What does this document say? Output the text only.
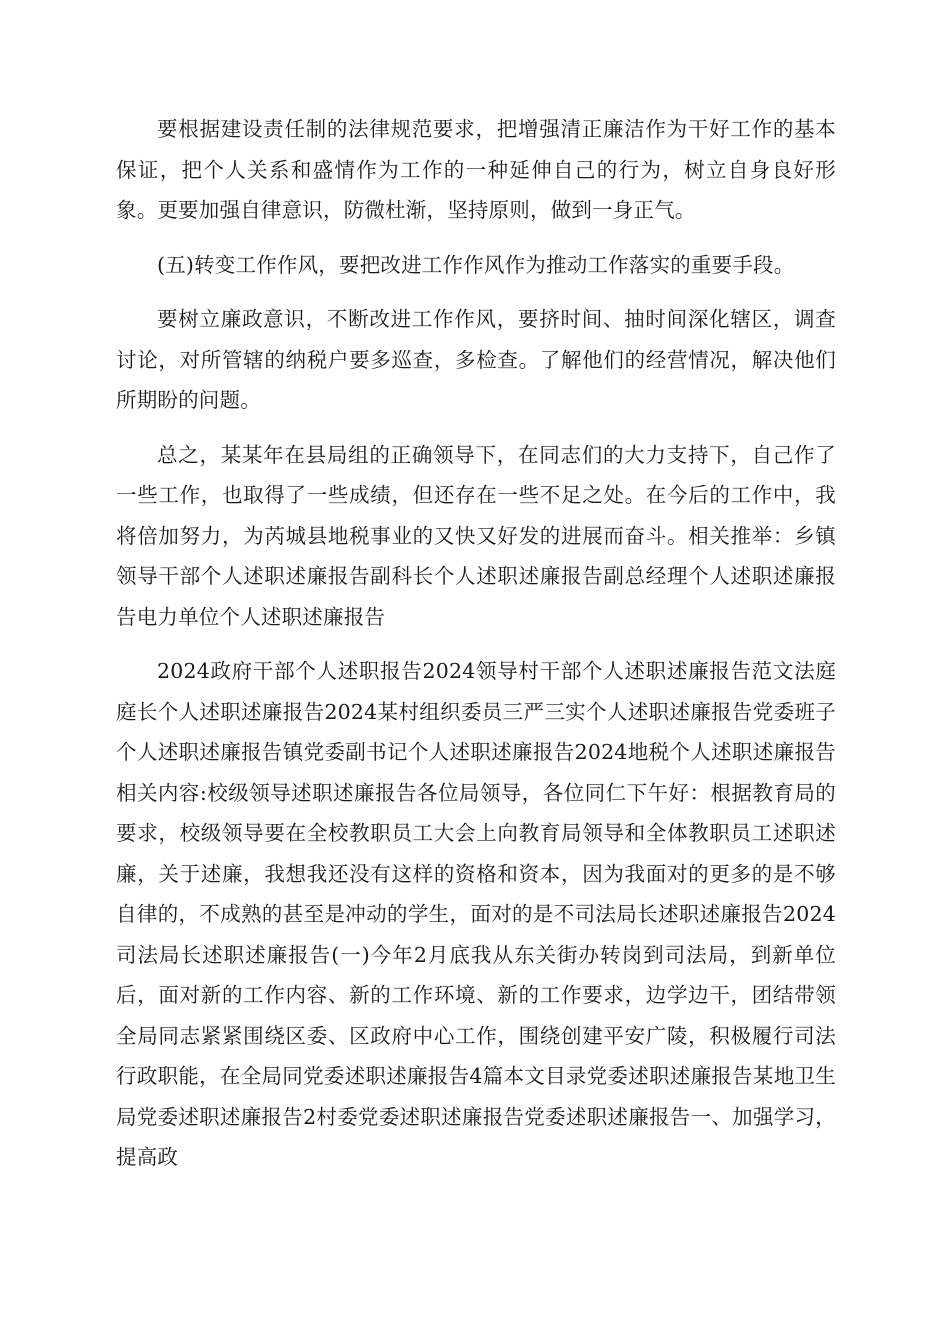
要根据建设责任制的法律规范要求，把增强清正廉洁作为干好工作的基本保证，把个人关系和盛情作为工作的一种延伸自己的行为，树立自身良好形象。更要加强自律意识，防微杜渐，坚持原则，做到一身正气。

(五)转变工作作风，要把改进工作作风作为推动工作落实的重要手段。

要树立廉政意识，不断改进工作作风，要挤时间、抽时间深化辖区，调查讨论，对所管辖的纳税户要多巡查，多检查。了解他们的经营情况，解决他们所期盼的问题。

总之，某某年在县局组的正确领导下，在同志们的大力支持下，自己作了一些工作，也取得了一些成绩，但还存在一些不足之处。在今后的工作中，我将倍加努力，为芮城县地税事业的又快又好发的进展而奋斗。相关推举：乡镇领导干部个人述职述廉报告副科长个人述职述廉报告副总经理个人述职述廉报告电力单位个人述职述廉报告

2024政府干部个人述职报告2024领导村干部个人述职述廉报告范文法庭庭长个人述职述廉报告2024某村组织委员三严三实个人述职述廉报告党委班子个人述职述廉报告镇党委副书记个人述职述廉报告2024地税个人述职述廉报告相关内容:校级领导述职述廉报告各位局领导，各位同仁下午好：根据教育局的要求，校级领导要在全校教职员工大会上向教育局领导和全体教职员工述职述廉，关于述廉，我想我还没有这样的资格和资本，因为我面对的更多的是不够自律的，不成熟的甚至是冲动的学生，面对的是不司法局长述职述廉报告2024司法局长述职述廉报告(一)今年2月底我从东关街办转岗到司法局，到新单位后，面对新的工作内容、新的工作环境、新的工作要求，边学边干，团结带领全局同志紧紧围绕区委、区政府中心工作，围绕创建平安广陵，积极履行司法行政职能，在全局同党委述职述廉报告4篇本文目录党委述职述廉报告某地卫生局党委述职述廉报告2村委党委述职述廉报告党委述职述廉报告一、加强学习，提高政
